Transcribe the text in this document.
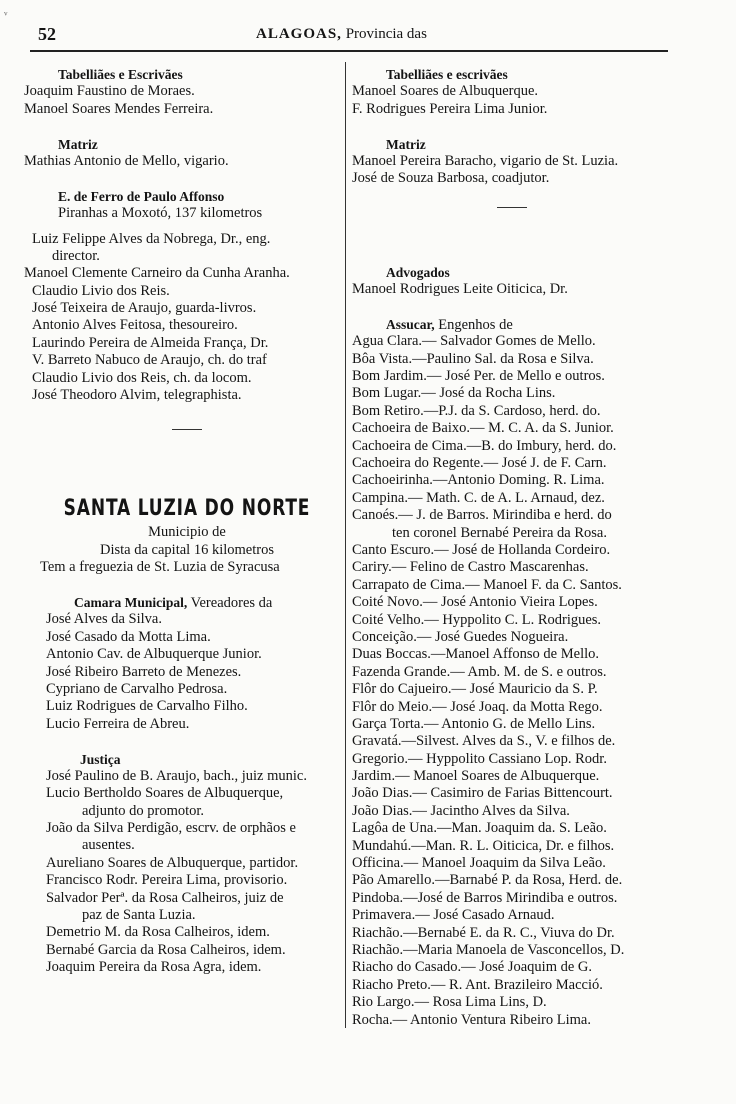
52	ALAGOAS, Provincia das
Tabelliães e Escrivães
Joaquim Faustino de Moraes.
Manoel Soares Mendes Ferreira.
Matriz
Mathias Antonio de Mello, vigario.
E. de Ferro de Paulo Affonso
Piranhas a Moxotó, 137 kilometros
Luiz Felippe Alves da Nobrega, Dr., eng.
director.
Manoel Clemente Carneiro da Cunha Aranha.
Claudio Livio dos Reis.
José Teixeira de Araujo, guarda-livros.
Antonio Alves Feitosa, thesoureiro.
Laurindo Pereira de Almeida França, Dr.
V. Barreto Nabuco de Araujo, ch. do traf
Claudio Livio dos Reis, ch. da locom.
José Theodoro Alvim, telegraphista.
SANTA LUZIA DO NORTE
Municipio de
Dista da capital 16 kilometros
Tem a freguezia de St. Luzia de Syracusa
Camara Municipal, Vereadores da
José Alves da Silva.
José Casado da Motta Lima.
Antonio Cav. de Albuquerque Junior.
José Ribeiro Barreto de Menezes.
Cypriano de Carvalho Pedrosa.
Luiz Rodrigues de Carvalho Filho.
Lucio Ferreira de Abreu.
Justiça
José Paulino de B. Araujo, bach., juiz munic.
Lucio Bertholdo Soares de Albuquerque,
adjunto do promotor.
João da Silva Perdigão, escrv. de orphãos e
ausentes.
Aureliano Soares de Albuquerque, partidor.
Francisco Rodr. Pereira Lima, provisorio.
Salvador Perª. da Rosa Calheiros, juiz de
paz de Santa Luzia.
Demetrio M. da Rosa Calheiros, idem.
Bernabé Garcia da Rosa Calheiros, idem.
Joaquim Pereira da Rosa Agra, idem.
Tabelliães e escrivães
Manoel Soares de Albuquerque.
F. Rodrigues Pereira Lima Junior.
Matriz
Manoel Pereira Baracho, vigario de St. Luzia.
José de Souza Barbosa, coadjutor.
Advogados
Manoel Rodrigues Leite Oiticica, Dr.
Assucar, Engenhos de
Agua Clara.— Salvador Gomes de Mello.
Bôa Vista.—Paulino Sal. da Rosa e Silva.
Bom Jardim.— José Per. de Mello e outros.
Bom Lugar.— José da Rocha Lins.
Bom Retiro.—P.J. da S. Cardoso, herd. do.
Cachoeira de Baixo.— M. C. A. da S. Junior.
Cachoeira de Cima.—B. do Imbury, herd. do.
Cachoeira do Regente.— José J. de F. Carn.
Cachoeirinha.—Antonio Doming. R. Lima.
Campina.— Math. C. de A. L. Arnaud, dez.
Canoés.— J. de Barros. Mirindiba e herd. do
ten coronel Bernabé Pereira da Rosa.
Canto Escuro.— José de Hollanda Cordeiro.
Cariry.— Felino de Castro Mascarenhas.
Carrapato de Cima.— Manoel F. da C. Santos.
Coité Novo.— José Antonio Vieira Lopes.
Coité Velho.— Hyppolito C. L. Rodrigues.
Conceição.— José Guedes Nogueira.
Duas Boccas.—Manoel Affonso de Mello.
Fazenda Grande.— Amb. M. de S. e outros.
Flôr do Cajueiro.— José Mauricio da S. P.
Flôr do Meio.— José Joaq. da Motta Rego.
Garça Torta.— Antonio G. de Mello Lins.
Gravatá.—Silvest. Alves da S., V. e filhos de.
Gregorio.— Hyppolito Cassiano Lop. Rodr.
Jardim.— Manoel Soares de Albuquerque.
João Dias.— Casimiro de Farias Bittencourt.
João Dias.— Jacintho Alves da Silva.
Lagôa de Una.—Man. Joaquim da. S. Leão.
Mundahú.—Man. R. L. Oiticica, Dr. e filhos.
Officina.— Manoel Joaquim da Silva Leão.
Pão Amarello.—Barnabé P. da Rosa, Herd. de.
Pindoba.—José de Barros Mirindiba e outros.
Primavera.— José Casado Arnaud.
Riachão.—Bernabé E. da R. C., Viuva do Dr.
Riachão.—Maria Manoela de Vasconcellos, D.
Riacho do Casado.— José Joaquim de G.
Riacho Preto.— R. Ant. Brazileiro Macció.
Rio Largo.— Rosa Lima Lins, D.
Rocha.— Antonio Ventura Ribeiro Lima.
ᵛ
